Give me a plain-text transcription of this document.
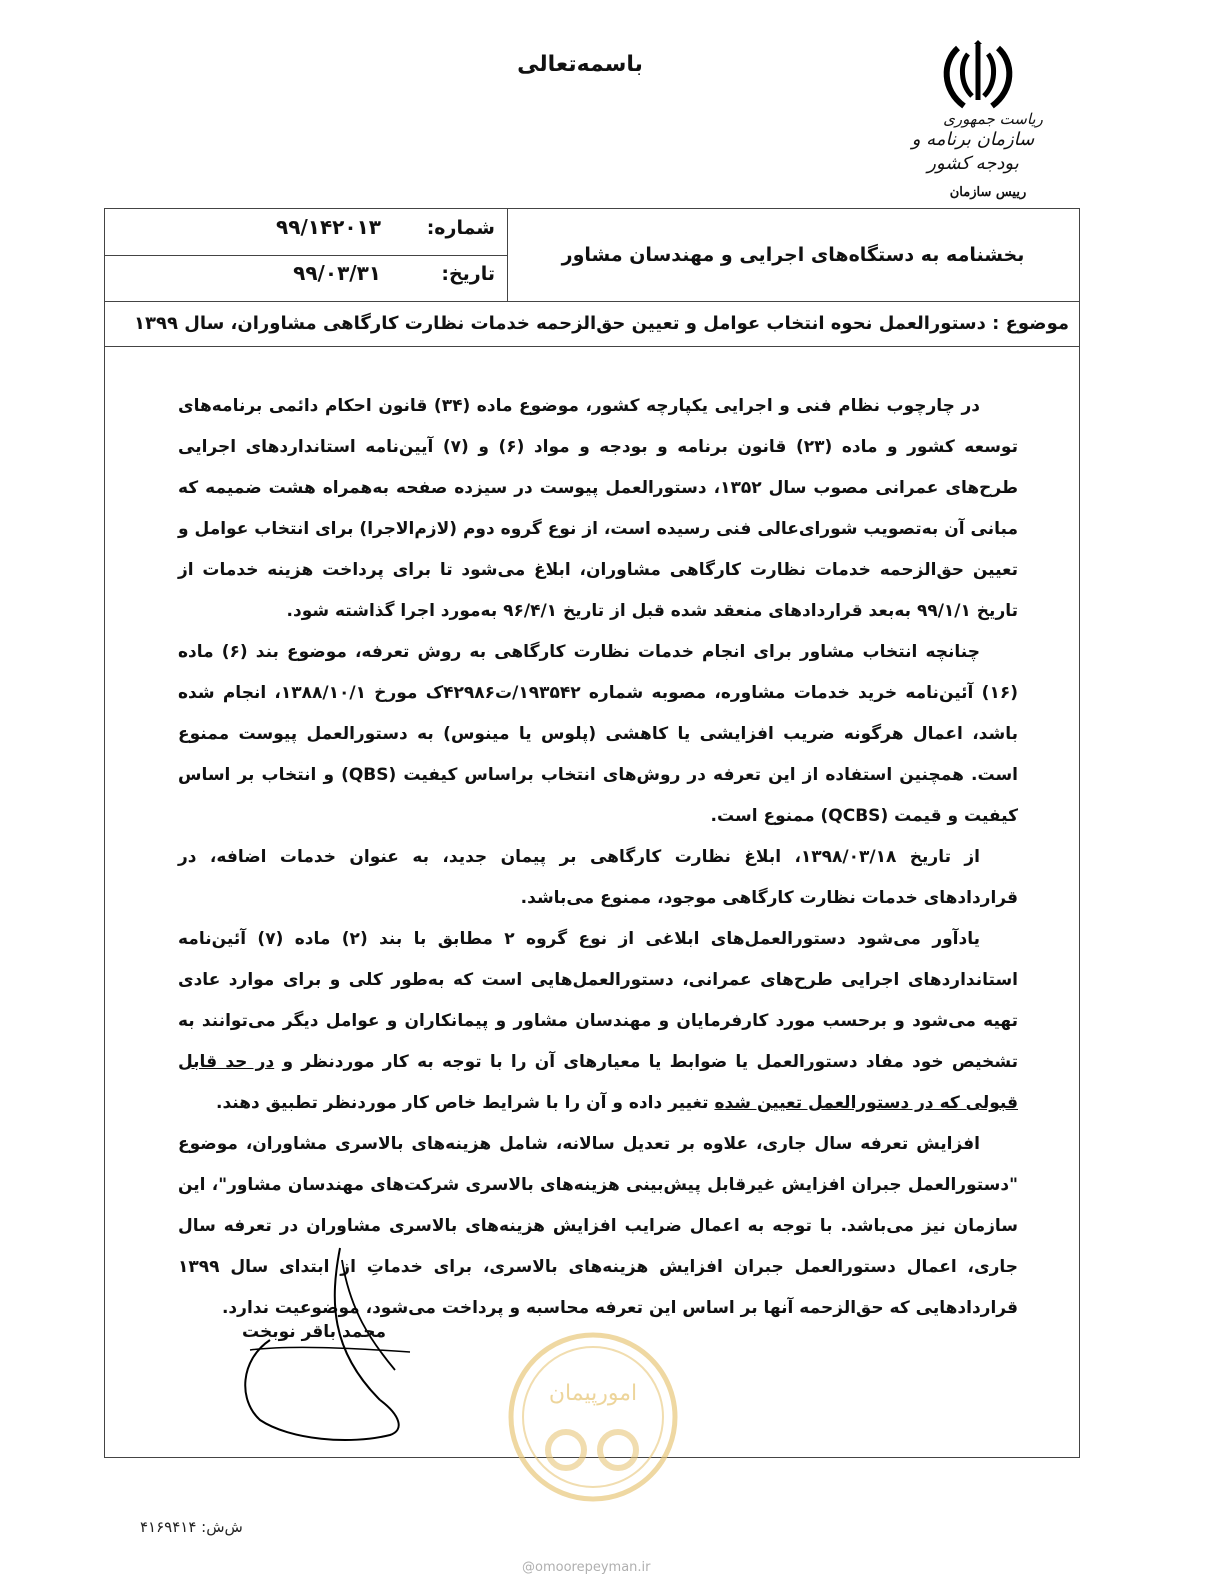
باسمه‌تعالی
ریاست جمهوری
سازمان برنامه و بودجه کشور
رییس سازمان
شماره:
۹۹/۱۴۲۰۱۳
تاریخ:
۹۹/۰۳/۳۱
بخشنامه به دستگاه‌های اجرایی و مهندسان مشاور
موضوع : دستورالعمل نحوه انتخاب عوامل و تعیین حق‌الزحمه خدمات نظارت کارگاهی مشاوران، سال ۱۳۹۹

در چارچوب نظام فنی و اجرایی یکپارچه کشور، موضوع ماده (۳۴) قانون احکام دائمی برنامه‌های توسعه کشور و ماده (۲۳) قانون برنامه و بودجه و مواد (۶) و (۷) آیین‌نامه استانداردهای اجرایی طرح‌های عمرانی مصوب سال ۱۳۵۲، دستورالعمل پیوست در سیزده صفحه به‌همراه هشت ضمیمه که مبانی آن به‌تصویب شورای‌عالی فنی رسیده است، از نوع گروه دوم (لازم‌الاجرا) برای انتخاب عوامل و تعیین حق‌الزحمه خدمات نظارت کارگاهی مشاوران، ابلاغ می‌شود تا برای پرداخت هزینه خدمات از تاریخ ۹۹/۱/۱ به‌بعد قراردادهای منعقد شده قبل از تاریخ ۹۶/۴/۱ به‌مورد اجرا گذاشته شود.

چنانچه انتخاب مشاور برای انجام خدمات نظارت کارگاهی به روش تعرفه، موضوع بند (۶) ماده (۱۶) آئین‌نامه خرید خدمات مشاوره، مصوبه شماره ۱۹۳۵۴۲/ت۴۲۹۸۶ک مورخ ۱۳۸۸/۱۰/۱، انجام شده باشد، اعمال هرگونه ضریب افزایشی یا کاهشی (پلوس یا مینوس) به دستورالعمل پیوست ممنوع است. همچنین استفاده از این تعرفه در روش‌های انتخاب براساس کیفیت (QBS) و انتخاب بر اساس کیفیت و قیمت (QCBS) ممنوع است.

از تاریخ ۱۳۹۸/۰۳/۱۸، ابلاغ نظارت کارگاهی بر پیمان جدید، به عنوان خدمات اضافه، در قراردادهای خدمات نظارت کارگاهی موجود، ممنوع می‌باشد.

یادآور می‌شود دستورالعمل‌های ابلاغی از نوع گروه ۲ مطابق با بند (۲) ماده (۷) آئین‌نامه استانداردهای اجرایی طرح‌های عمرانی، دستورالعمل‌هایی است که به‌طور کلی و برای موارد عادی تهیه می‌شود و برحسب مورد کارفرمایان و مهندسان مشاور و پیمانکاران و عوامل دیگر می‌توانند به تشخیص خود مفاد دستورالعمل یا ضوابط یا معیارهای آن را با توجه به کار موردنظر و در حد قابل قبولی که در دستورالعمل تعیین شده تغییر داده و آن را با شرایط خاص کار موردنظر تطبیق دهند.

افزایش تعرفه سال جاری، علاوه بر تعدیل سالانه، شامل هزینه‌های بالاسری مشاوران، موضوع "دستورالعمل جبران افزایش غیرقابل پیش‌بینی هزینه‌های بالاسری شرکت‌های مهندسان مشاور"، این سازمان نیز می‌باشد. با توجه به اعمال ضرایب افزایش هزینه‌های بالاسری مشاوران در تعرفه سال جاری، اعمال دستورالعمل جبران افزایش هزینه‌های بالاسری، برای خدماتِ از ابتدای سال ۱۳۹۹ قراردادهایی که حق‌الزحمه آنها بر اساس این تعرفه محاسبه و پرداخت می‌شود، موضوعیت ندارد.

محمد باقر نوبخت
امورپیمان
ش‌ش: ۴۱۶۹۴۱۴
@omoorepeyman.ir
